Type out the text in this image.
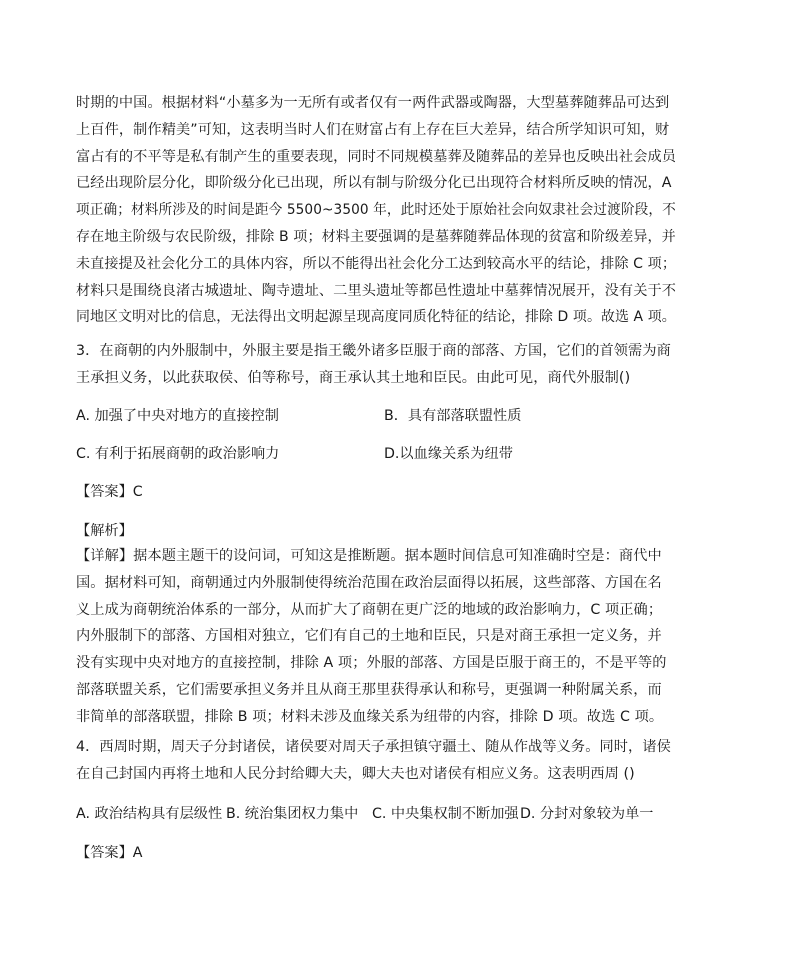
时期的中国。根据材料“小墓多为一无所有或者仅有一两件武器或陶器，大型墓葬随葬品可达到
上百件，制作精美”可知，这表明当时人们在财富占有上存在巨大差异，结合所学知识可知，财
富占有的不平等是私有制产生的重要表现，同时不同规模墓葬及随葬品的差异也反映出社会成员
已经出现阶层分化，即阶级分化已出现，所以有制与阶级分化已出现符合材料所反映的情况，A
项正确；材料所涉及的时间是距今 5500~3500 年，此时还处于原始社会向奴隶社会过渡阶段，不 存在地主阶级与农民阶级，排除 B 项；材料主要强调的是墓葬随葬品体现的贫富和阶级差异，并 未直接提及社会化分工的具体内容，所以不能得出社会化分工达到较高水平的结论，排除 C 项；
材料只是围绕良渚古城遗址、陶寺遗址、二里头遗址等都邑性遗址中墓葬情况展开，没有关于不
同地区文明对比的信息，无法得出文明起源呈现高度同质化特征的结论，排除 D 项。故选 A 项。
3．在商朝的内外服制中，外服主要是指王畿外诸多臣服于商的部落、方国，它们的首领需为商
王承担义务，以此获取侯、伯等称号，商王承认其土地和臣民。由此可见，商代外服制()
A. 加强了中央对地方的直接控制	B．具有部落联盟性质
C. 有利于拓展商朝的政治影响力	D.以血缘关系为纽带
【答案】C
【解析】
【详解】据本题主题干的设问词，可知这是推断题。据本题时间信息可知准确时空是：商代中
国。据材料可知，商朝通过内外服制使得统治范围在政治层面得以拓展，这些部落、方国在名
义上成为商朝统治体系的一部分，从而扩大了商朝在更广泛的地域的政治影响力，C 项正确；
内外服制下的部落、方国相对独立，它们有自己的土地和臣民，只是对商王承担一定义务，并
没有实现中央对地方的直接控制，排除 A 项；外服的部落、方国是臣服于商王的，不是平等的
部落联盟关系，它们需要承担义务并且从商王那里获得承认和称号，更强调一种附属关系，而
非简单的部落联盟，排除 B 项；材料未涉及血缘关系为纽带的内容，排除 D 项。故选 C 项。
4．西周时期，周天子分封诸侯，诸侯要对周天子承担镇守疆土、随从作战等义务。同时，诸侯
在自己封国内再将土地和人民分封给卿大夫，卿大夫也对诸侯有相应义务。这表明西周 ()
A. 政治结构具有层级性 B. 统治集团权力集中 C. 中央集权制不断加强 D. 分封对象较为单一
【答案】A
